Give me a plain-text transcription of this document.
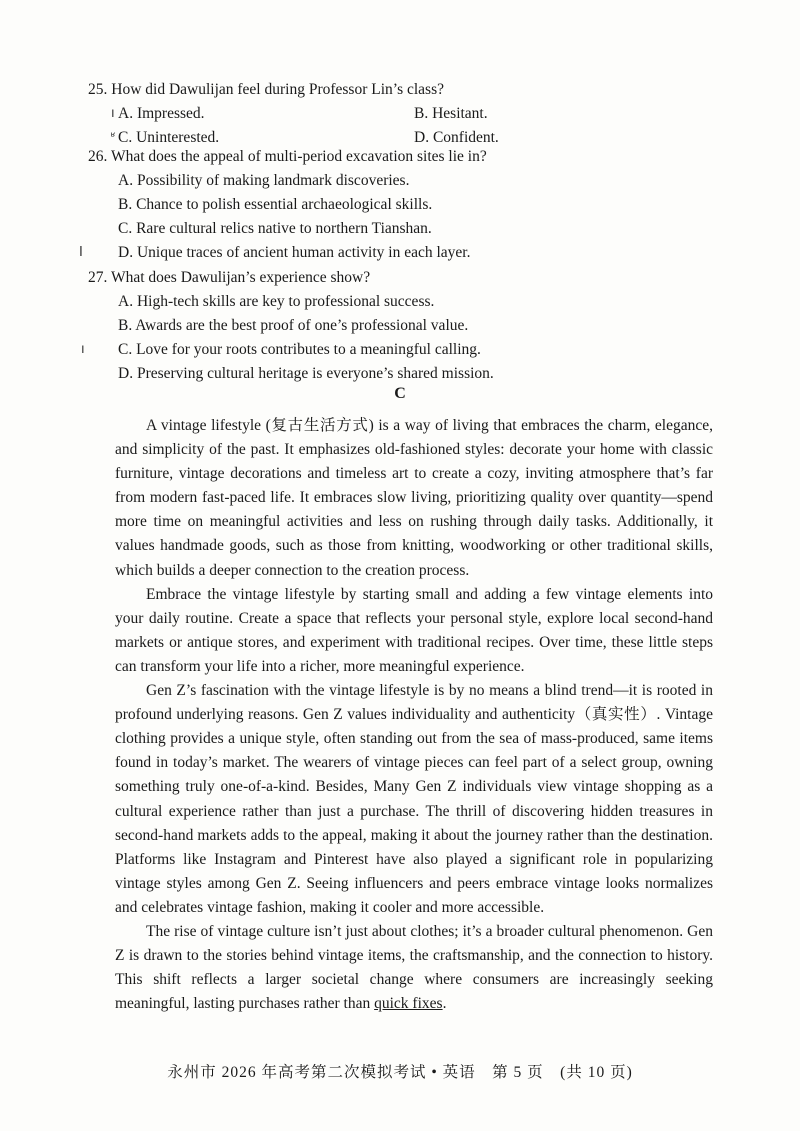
25. How did Dawulijan feel during Professor Lin’s class?
ı A. Impressed.	B. Hesitant.
ʶ C. Uninterested.	D. Confident.
26. What does the appeal of multi-period excavation sites lie in?
A. Possibility of making landmark discoveries.
B. Chance to polish essential archaeological skills.
C. Rare cultural relics native to northern Tianshan.
I D. Unique traces of ancient human activity in each layer.
27. What does Dawulijan’s experience show?
A. High-tech skills are key to professional success.
B. Awards are the best proof of one’s professional value.
ı C. Love for your roots contributes to a meaningful calling.
D. Preserving cultural heritage is everyone’s shared mission.
C

A vintage lifestyle (复古生活方式) is a way of living that embraces the charm, elegance, and simplicity of the past. It emphasizes old-fashioned styles: decorate your home with classic furniture, vintage decorations and timeless art to create a cozy, inviting atmosphere that’s far from modern fast-paced life. It embraces slow living, prioritizing quality over quantity—spend more time on meaningful activities and less on rushing through daily tasks. Additionally, it values handmade goods, such as those from knitting, woodworking or other traditional skills, which builds a deeper connection to the creation process.

Embrace the vintage lifestyle by starting small and adding a few vintage elements into your daily routine. Create a space that reflects your personal style, explore local second-hand markets or antique stores, and experiment with traditional recipes. Over time, these little steps can transform your life into a richer, more meaningful experience.

Gen Z’s fascination with the vintage lifestyle is by no means a blind trend—it is rooted in profound underlying reasons. Gen Z values individuality and authenticity（真实性）. Vintage clothing provides a unique style, often standing out from the sea of mass-produced, same items found in today’s market. The wearers of vintage pieces can feel part of a select group, owning something truly one-of-a-kind. Besides, Many Gen Z individuals view vintage shopping as a cultural experience rather than just a purchase. The thrill of discovering hidden treasures in second-hand markets adds to the appeal, making it about the journey rather than the destination. Platforms like Instagram and Pinterest have also played a significant role in popularizing vintage styles among Gen Z. Seeing influencers and peers embrace vintage looks normalizes and celebrates vintage fashion, making it cooler and more accessible.

The rise of vintage culture isn’t just about clothes; it’s a broader cultural phenomenon. Gen Z is drawn to the stories behind vintage items, the craftsmanship, and the connection to history. This shift reflects a larger societal change where consumers are increasingly seeking meaningful, lasting purchases rather than quick fixes.

永州市 2026 年高考第二次模拟考试 • 英语　第 5 页　(共 10 页)
